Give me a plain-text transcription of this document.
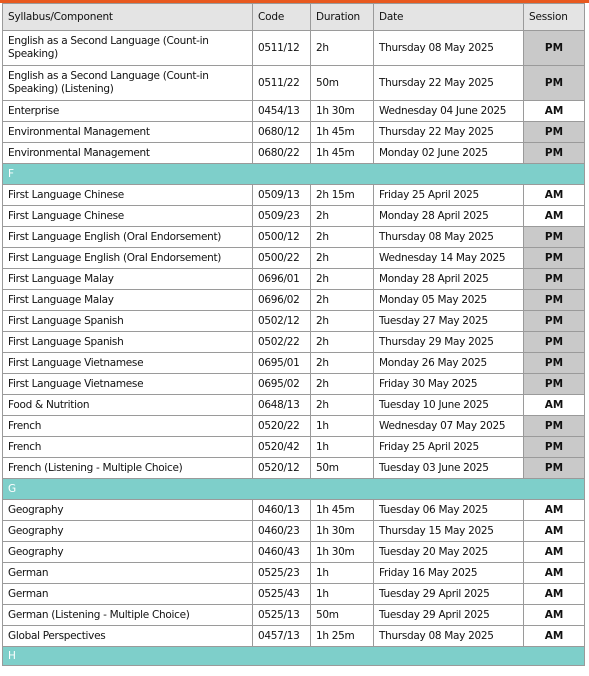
Syllabus/Component	Code	Duration	Date	Session
English as a Second Language (Count-in Speaking)	0511/12	2h	Thursday 08 May 2025	PM
English as a Second Language (Count-in Speaking) (Listening)	0511/22	50m	Thursday 22 May 2025	PM
Enterprise	0454/13	1h 30m	Wednesday 04 June 2025	AM
Environmental Management	0680/12	1h 45m	Thursday 22 May 2025	PM
Environmental Management	0680/22	1h 45m	Monday 02 June 2025	PM
F				
First Language Chinese	0509/13	2h 15m	Friday 25 April 2025	AM
First Language Chinese	0509/23	2h	Monday 28 April 2025	AM
First Language English (Oral Endorsement)	0500/12	2h	Thursday 08 May 2025	PM
First Language English (Oral Endorsement)	0500/22	2h	Wednesday 14 May 2025	PM
First Language Malay	0696/01	2h	Monday 28 April 2025	PM
First Language Malay	0696/02	2h	Monday 05 May 2025	PM
First Language Spanish	0502/12	2h	Tuesday 27 May 2025	PM
First Language Spanish	0502/22	2h	Thursday 29 May 2025	PM
First Language Vietnamese	0695/01	2h	Monday 26 May 2025	PM
First Language Vietnamese	0695/02	2h	Friday 30 May 2025	PM
Food & Nutrition	0648/13	2h	Tuesday 10 June 2025	AM
French	0520/22	1h	Wednesday 07 May 2025	PM
French	0520/42	1h	Friday 25 April 2025	PM
French (Listening - Multiple Choice)	0520/12	50m	Tuesday 03 June 2025	PM
G				
Geography	0460/13	1h 45m	Tuesday 06 May 2025	AM
Geography	0460/23	1h 30m	Thursday 15 May 2025	AM
Geography	0460/43	1h 30m	Tuesday 20 May 2025	AM
German	0525/23	1h	Friday 16 May 2025	AM
German	0525/43	1h	Tuesday 29 April 2025	AM
German (Listening - Multiple Choice)	0525/13	50m	Tuesday 29 April 2025	AM
Global Perspectives	0457/13	1h 25m	Thursday 08 May 2025	AM
H				
